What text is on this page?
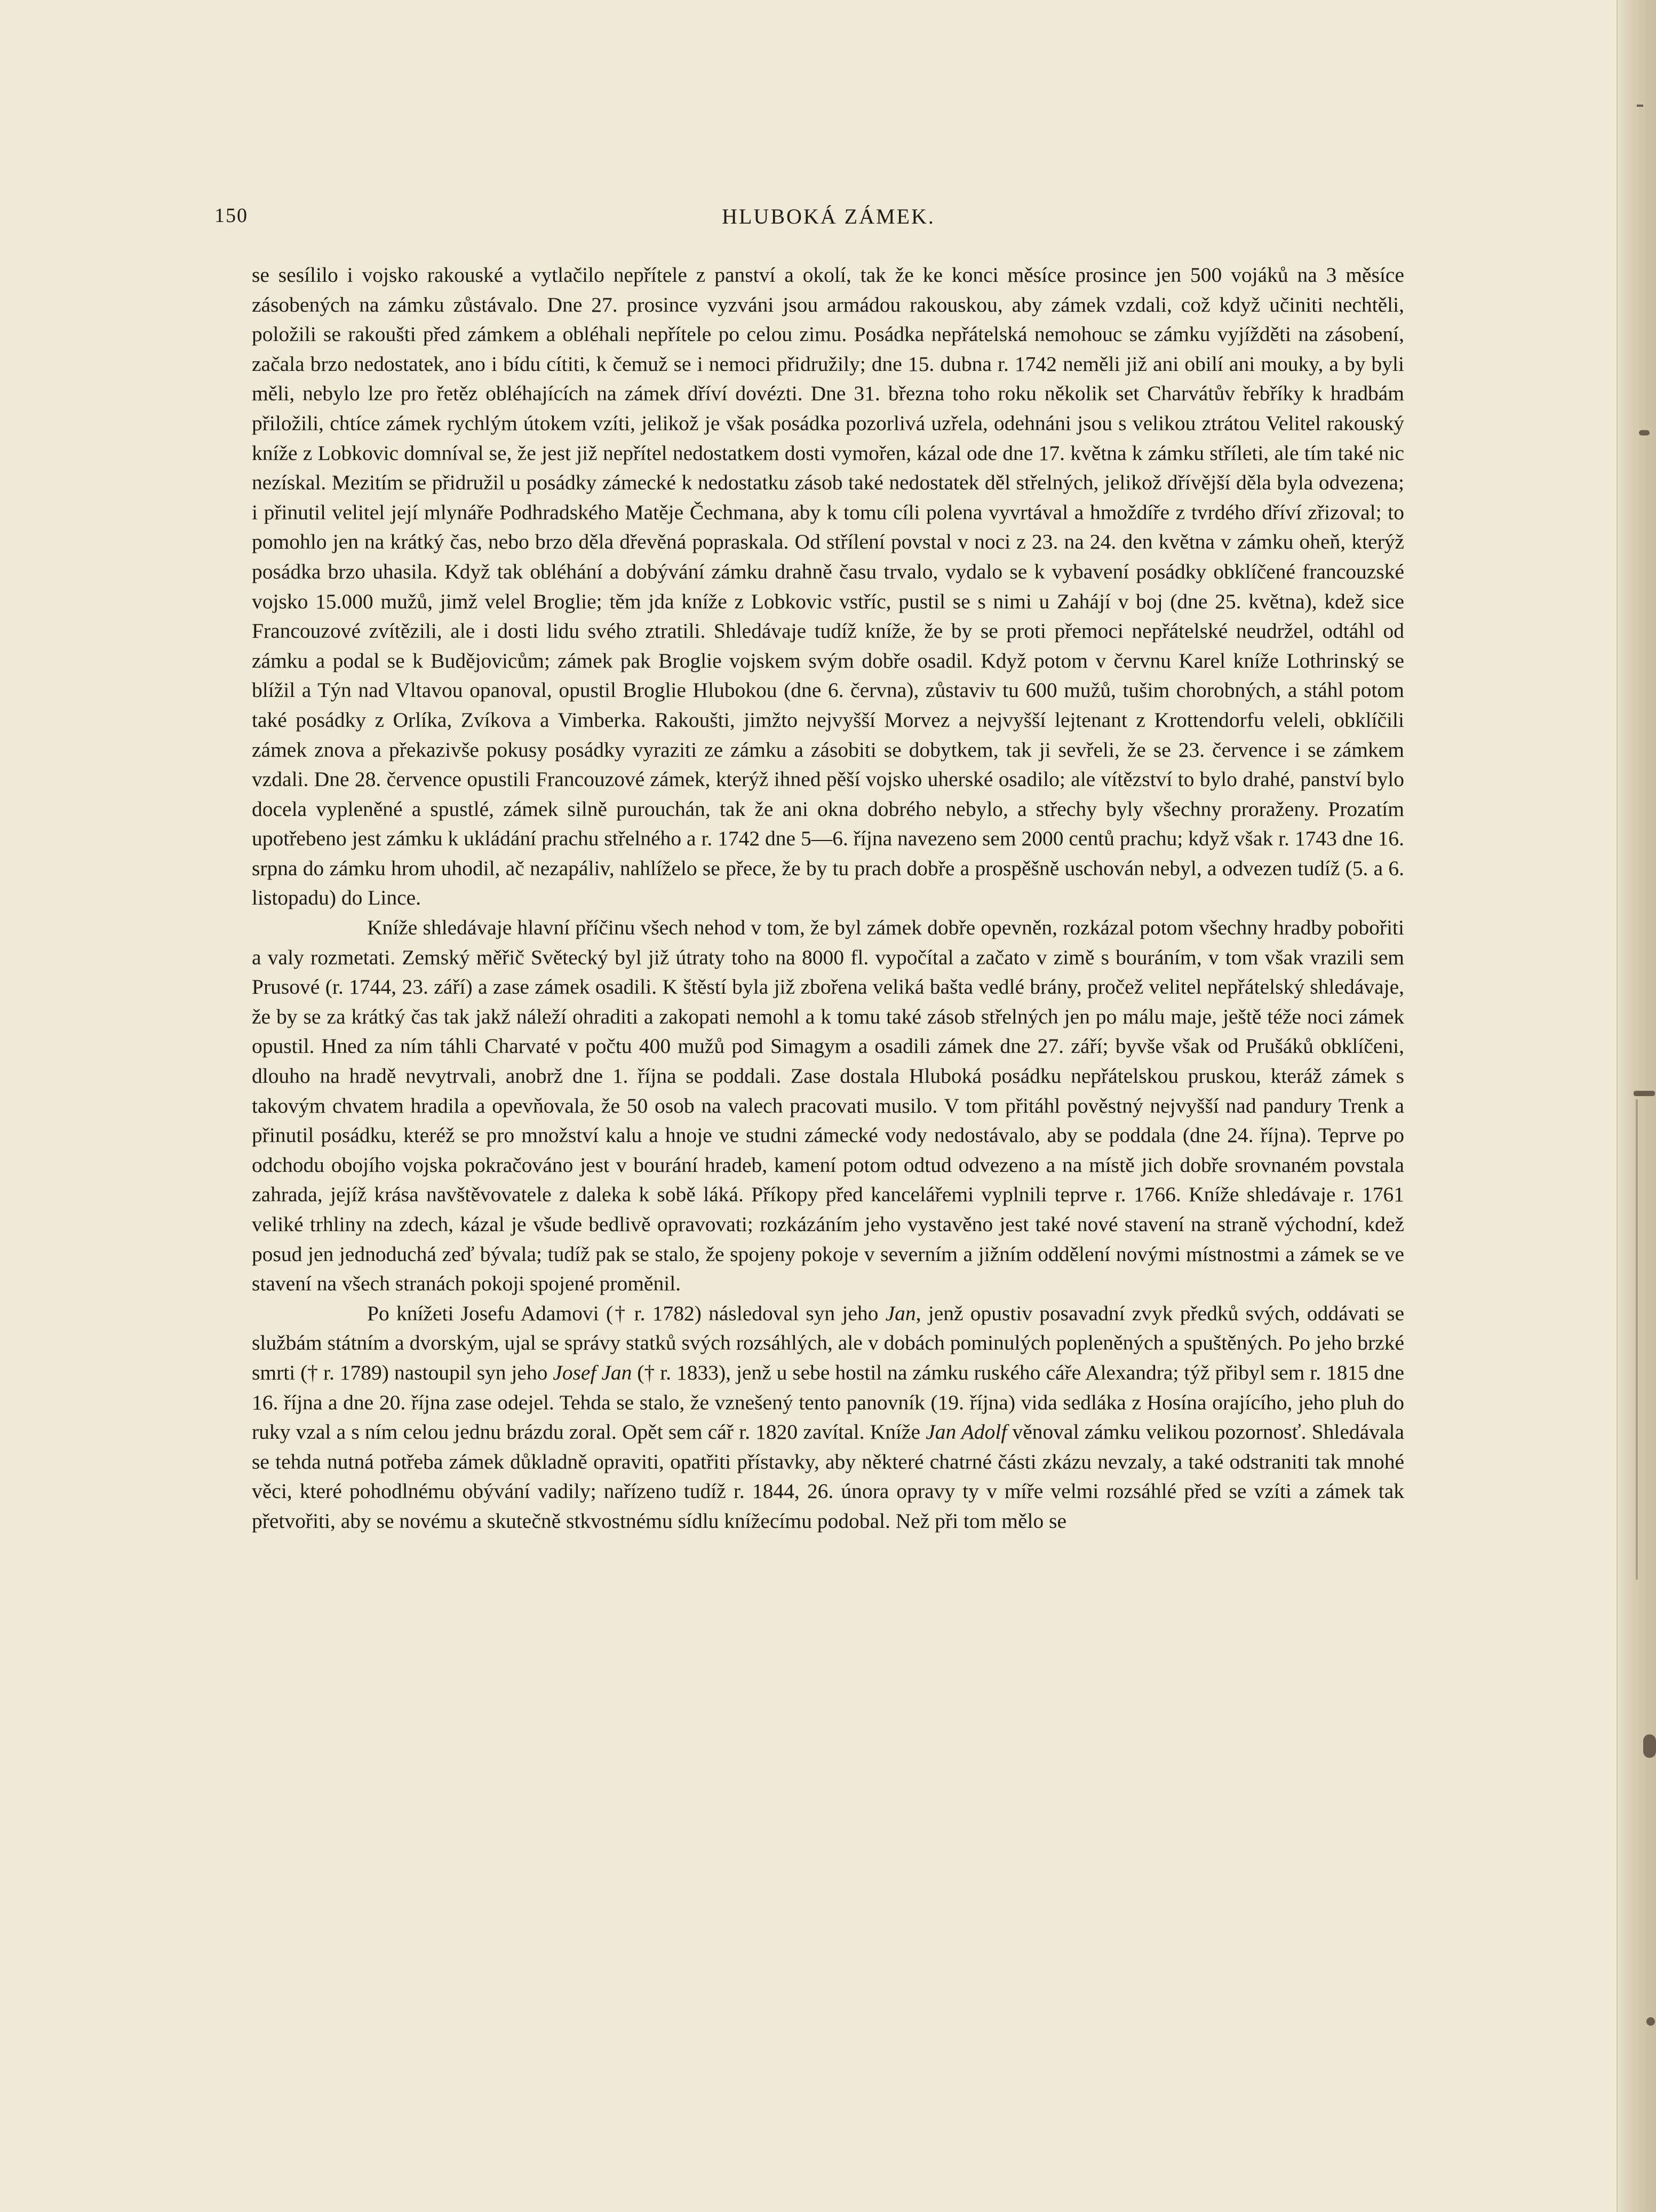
150	HLUBOKÁ ZÁMEK.

se sesílilo i vojsko rakouské a vytlačilo nepřítele z panství a okolí, tak že ke konci měsíce prosince jen 500 vojáků na 3 měsíce zásobených na zámku zůstávalo. Dne 27. prosince vyzváni jsou armádou rakouskou, aby zámek vzdali, což když učiniti nechtěli, položili se rakoušti před zámkem a obléhali nepřítele po celou zimu. Posádka nepřátelská nemohouc se zámku vyjížděti na zásobení, začala brzo nedostatek, ano i bídu cítiti, k čemuž se i nemoci přidružily; dne 15. dubna r. 1742 neměli již ani obilí ani mouky, a by byli měli, nebylo lze pro řetěz obléhajících na zámek dříví dovézti. Dne 31. března toho roku několik set Charvátův řebříky k hradbám přiložili, chtíce zámek rychlým útokem vzíti, jelikož je však posádka pozorlivá uzřela, odehnáni jsou s velikou ztrátou Velitel rakouský kníže z Lobkovic domníval se, že jest již nepřítel nedostatkem dosti vymořen, kázal ode dne 17. května k zámku stříleti, ale tím také nic nezískal. Mezitím se přidružil u posádky zámecké k nedostatku zásob také nedostatek děl střelných, jelikož dřívější děla byla odvezena; i přinutil velitel její mlynáře Podhradského Matěje Čechmana, aby k tomu cíli polena vyvrtával a hmoždíře z tvrdého dříví zřizoval; to pomohlo jen na krátký čas, nebo brzo děla dřevěná popraskala. Od střílení povstal v noci z 23. na 24. den května v zámku oheň, kterýž posádka brzo uhasila. Když tak obléhání a dobývání zámku drahně času trvalo, vydalo se k vybavení posádky obklíčené francouzské vojsko 15.000 mužů, jimž velel Broglie; těm jda kníže z Lobkovic vstříc, pustil se s nimi u Zahájí v boj (dne 25. května), kdež sice Francouzové zvítězili, ale i dosti lidu svého ztratili. Shledávaje tudíž kníže, že by se proti přemoci nepřátelské neudržel, odtáhl od zámku a podal se k Budějovicům; zámek pak Broglie vojskem svým dobře osadil. Když potom v červnu Karel kníže Lothrinský se blížil a Týn nad Vltavou opanoval, opustil Broglie Hlubokou (dne 6. června), zůstaviv tu 600 mužů, tušim chorobných, a stáhl potom také posádky z Orlíka, Zvíkova a Vimberka. Rakoušti, jimžto nejvyšší Morvez a nejvyšší lejtenant z Krottendorfu veleli, obklíčili zámek znova a překazivše pokusy posádky vyraziti ze zámku a zásobiti se dobytkem, tak ji sevřeli, že se 23. července i se zámkem vzdali. Dne 28. července opustili Francouzové zámek, kterýž ihned pěší vojsko uherské osadilo; ale vítězství to bylo drahé, panství bylo docela vypleněné a spustlé, zámek silně purouchán, tak že ani okna dobrého nebylo, a střechy byly všechny proraženy. Prozatím upotřebeno jest zámku k ukládání prachu střelného a r. 1742 dne 5—6. října navezeno sem 2000 centů prachu; když však r. 1743 dne 16. srpna do zámku hrom uhodil, ač nezapáliv, nahlíželo se přece, že by tu prach dobře a prospěšně uschován nebyl, a odvezen tudíž (5. a 6. listopadu) do Lince.

Kníže shledávaje hlavní příčinu všech nehod v tom, že byl zámek dobře opevněn, rozkázal potom všechny hradby pobořiti a valy rozmetati. Zemský měřič Světecký byl již útraty toho na 8000 fl. vypočítal a začato v zimě s bouráním, v tom však vrazili sem Prusové (r. 1744, 23. září) a zase zámek osadili. K štěstí byla již zbořena veliká bašta vedlé brány, pročež velitel nepřátelský shledávaje, že by se za krátký čas tak jakž náleží ohraditi a zakopati nemohl a k tomu také zásob střelných jen po málu maje, ještě téže noci zámek opustil. Hned za ním táhli Charvaté v počtu 400 mužů pod Simagym a osadili zámek dne 27. září; byvše však od Prušáků obklíčeni, dlouho na hradě nevytrvali, anobrž dne 1. října se poddali. Zase dostala Hluboká posádku nepřátelskou pruskou, kteráž zámek s takovým chvatem hradila a opevňovala, že 50 osob na valech pracovati musilo. V tom přitáhl pověstný nejvyšší nad pandury Trenk a přinutil posádku, kteréž se pro množství kalu a hnoje ve studni zámecké vody nedostávalo, aby se poddala (dne 24. října). Teprve po odchodu obojího vojska pokračováno jest v bourání hradeb, kamení potom odtud odvezeno a na místě jich dobře srovnaném povstala zahrada, jejíž krása navštěvovatele z daleka k sobě láká. Příkopy před kancelářemi vyplnili teprve r. 1766. Kníže shledávaje r. 1761 veliké trhliny na zdech, kázal je všude bedlivě opravovati; rozkázáním jeho vystavěno jest také nové stavení na straně východní, kdež posud jen jednoduchá zeď bývala; tudíž pak se stalo, že spojeny pokoje v severním a jižním oddělení novými místnostmi a zámek se ve stavení na všech stranách pokoji spojené proměnil.

Po knížeti Josefu Adamovi († r. 1782) následoval syn jeho Jan, jenž opustiv posavadní zvyk předků svých, oddávati se službám státním a dvorským, ujal se správy statků svých rozsáhlých, ale v dobách pominulých popleněných a spuštěných. Po jeho brzké smrti († r. 1789) nastoupil syn jeho Josef Jan († r. 1833), jenž u sebe hostil na zámku ruského cáře Alexandra; týž přibyl sem r. 1815 dne 16. října a dne 20. října zase odejel. Tehda se stalo, že vznešený tento panovník (19. října) vida sedláka z Hosína orajícího, jeho pluh do ruky vzal a s ním celou jednu brázdu zoral. Opět sem cář r. 1820 zavítal. Kníže Jan Adolf věnoval zámku velikou pozornosť. Shledávala se tehda nutná potřeba zámek důkladně opraviti, opatřiti přístavky, aby některé chatrné části zkázu nevzaly, a také odstraniti tak mnohé věci, které pohodlnému obývání vadily; nařízeno tudíž r. 1844, 26. února opravy ty v míře velmi rozsáhlé před se vzíti a zámek tak přetvořiti, aby se novému a skutečně stkvostnému sídlu knížecímu podobal. Než při tom mělo se
